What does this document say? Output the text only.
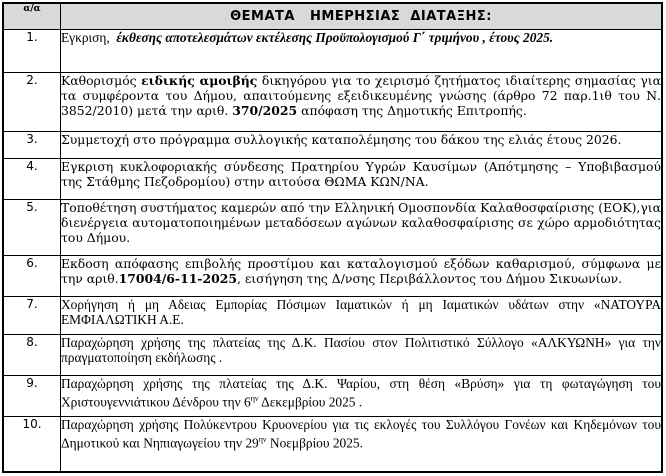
α/α	ΘΕΜΑΤΑ   ΗΜΕΡΗΣΙΑΣ  ΔΙΑΤΑΞΗΣ:
1.	Εγκριση,  έκθεσης αποτελεσμάτων εκτέλεσης Προϋπολογισμού Γ΄ τριμήνου , έτους 2025.
2.	Καθορισμός ειδικής αμοιβής δικηγόρου για το χειρισμό ζητήματος ιδιαίτερης σημασίας για τα συμφέροντα του Δήμου, απαιτούμενης εξειδικευμένης γνώσης (άρθρο 72 παρ.1ιθ του Ν. 3852/2010) μετά την αριθ. 370/2025 απόφαση της Δημοτικής Επιτροπής.
3.	Συμμετοχή στο πρόγραμμα συλλογικής καταπολέμησης του δάκου της ελιάς έτους 2026.
4.	Εγκριση κυκλοφοριακής σύνδεσης Πρατηρίου Υγρών Καυσίμων (Απότμησης – Υποβιβασμού της Στάθμης Πεζοδρομίου) στην αιτούσα ΘΩΜΑ ΚΩΝ/ΝΑ.
5.	Τοποθέτηση συστήματος καμερών από την Ελληνική Ομοσπονδία Καλαθοσφαίρισης (ΕΟΚ),για διενέργεια αυτοματοποιημένων μεταδόσεων αγώνων καλαθοσφαίρισης σε χώρο αρμοδιότητας του Δήμου.
6.	Εκδοση απόφασης επιβολής προστίμου και καταλογισμού εξόδων καθαρισμού, σύμφωνα με την αριθ.17004/6-11-2025, εισήγηση της Δ/νσης Περιβάλλοντος του Δήμου Σικυωνίων.
7.	Χορήγηση ή μη Αδειας Εμπορίας Πόσιμων Ιαματικών ή μη Ιαματικών υδάτων στην «ΝΑΤΟΥΡΑ ΕΜΦΙΑΛΩΤΙΚΗ Α.Ε.
8.	Παραχώρηση χρήσης της πλατείας της Δ.Κ. Πασίου στον Πολιτιστικό Σύλλογο «ΑΛΚΥΩΝΗ» για την πραγματοποίηση εκδήλωσης .
9.	Παραχώρηση χρήσης της πλατείας της Δ.Κ. Ψαρίου, στη θέση «Βρύση» για τη φωταγώγηση του Χριστουγεννιάτικου Δένδρου την $6^{\eta\nu}$ Δεκεμβρίου 2025 .
10.	Παραχώρηση χρήσης Πολύκεντρου Κρυονερίου για τις εκλογές του Συλλόγου Γονέων και Κηδεμόνων του Δημοτικού και Νηπιαγωγείου την $29^{\eta\nu}$ Νοεμβρίου 2025.
